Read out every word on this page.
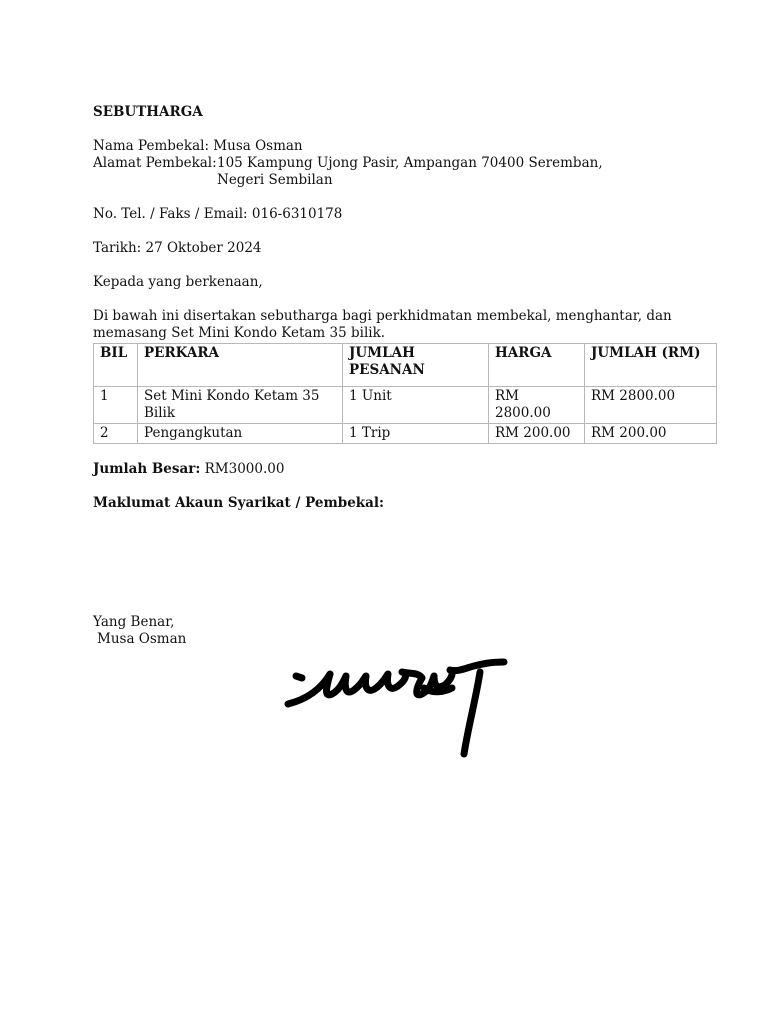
SEBUTHARGA
Nama Pembekal: Musa Osman
Alamat Pembekal: 105 Kampung Ujong Pasir, Ampangan 70400 Seremban,
Negeri Sembilan
No. Tel. / Faks / Email: 016-6310178
Tarikh: 27 Oktober 2024
Kepada yang berkenaan,
Di bawah ini disertakan sebutharga bagi perkhidmatan membekal, menghantar, dan
memasang Set Mini Kondo Ketam 35 bilik.
BIL	PERKARA	JUMLAH PESANAN	HARGA	JUMLAH (RM)
1	Set Mini Kondo Ketam 35 Bilik	1 Unit	RM 2800.00	RM 2800.00
2	Pengangkutan	1 Trip	RM 200.00	RM 200.00
Jumlah Besar: RM3000.00
Maklumat Akaun Syarikat / Pembekal:
Yang Benar,
Musa Osman
